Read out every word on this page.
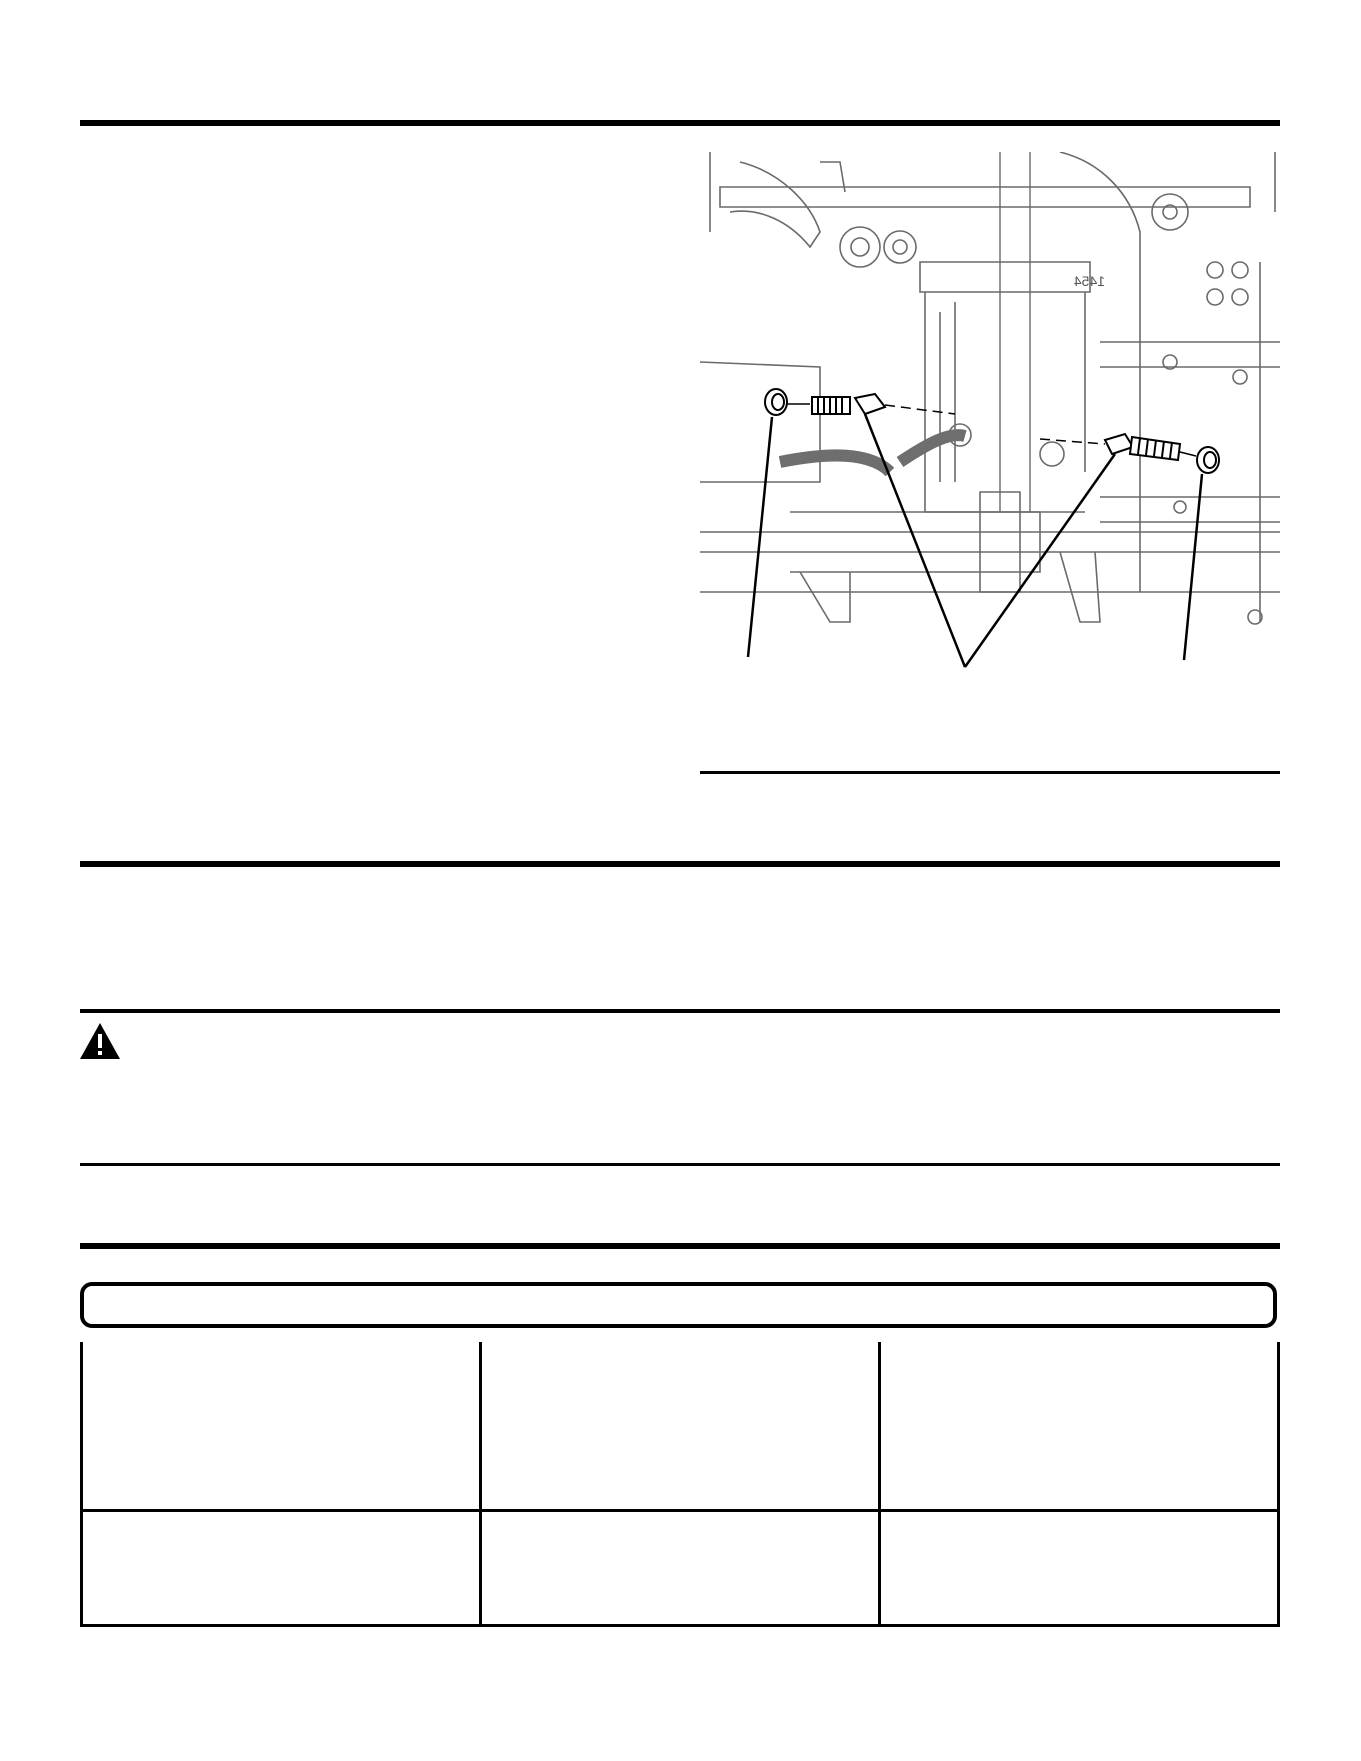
1454
